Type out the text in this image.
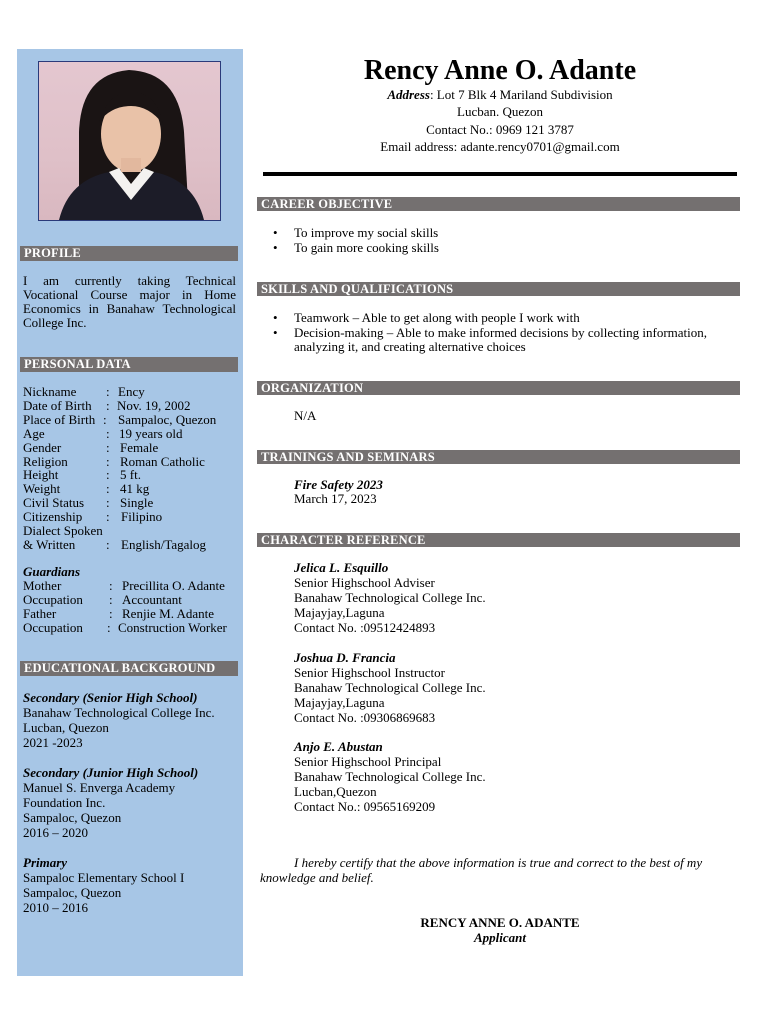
PROFILE
I am currently taking Technical Vocational Course major in Home Economics in Banahaw Technological College Inc.
PERSONAL DATA
Nickname : Ency
Date of Birth : Nov. 19, 2002
Place of Birth : Sampaloc, Quezon
Age	: 19 years old
Gender	: Female
Religion	: Roman Catholic
Height	: 5 ft.
Weight	: 41 kg
Civil Status : Single
Citizenship : Filipino
Dialect Spoken
& Written : English/Tagalog
Guardians
Mother	: Precillita O. Adante
Occupation : Accountant
Father	: Renjie M. Adante
Occupation : Construction Worker
EDUCATIONAL BACKGROUND
Secondary (Senior High School)
Banahaw Technological College Inc.
Lucban, Quezon
2021 -2023
Secondary (Junior High School)
Manuel S. Enverga Academy
Foundation Inc.
Sampaloc, Quezon
2016 – 2020
Primary
Sampaloc Elementary School I
Sampaloc, Quezon
2010 – 2016
Rency Anne O. Adante
Address: Lot 7 Blk 4 Mariland Subdivision
Lucban. Quezon
Contact No.: 0969 121 3787
Email address: adante.rency0701@gmail.com
CAREER OBJECTIVE
• To improve my social skills
• To gain more cooking skills
SKILLS AND QUALIFICATIONS
• Teamwork – Able to get along with people I work with
• Decision-making – Able to make informed decisions by collecting information,
analyzing it, and creating alternative choices
ORGANIZATION
N/A
TRAININGS AND SEMINARS
Fire Safety 2023
March 17, 2023
CHARACTER REFERENCE
Jelica L. Esquillo
Senior Highschool Adviser
Banahaw Technological College Inc.
Majayjay,Laguna
Contact No. :09512424893
Joshua D. Francia
Senior Highschool Instructor
Banahaw Technological College Inc.
Majayjay,Laguna
Contact No. :09306869683
Anjo E. Abustan
Senior Highschool Principal
Banahaw Technological College Inc.
Lucban,Quezon
Contact No.: 09565169209
I hereby certify that the above information is true and correct to the best of my
knowledge and belief.
RENCY ANNE O. ADANTE
Applicant
